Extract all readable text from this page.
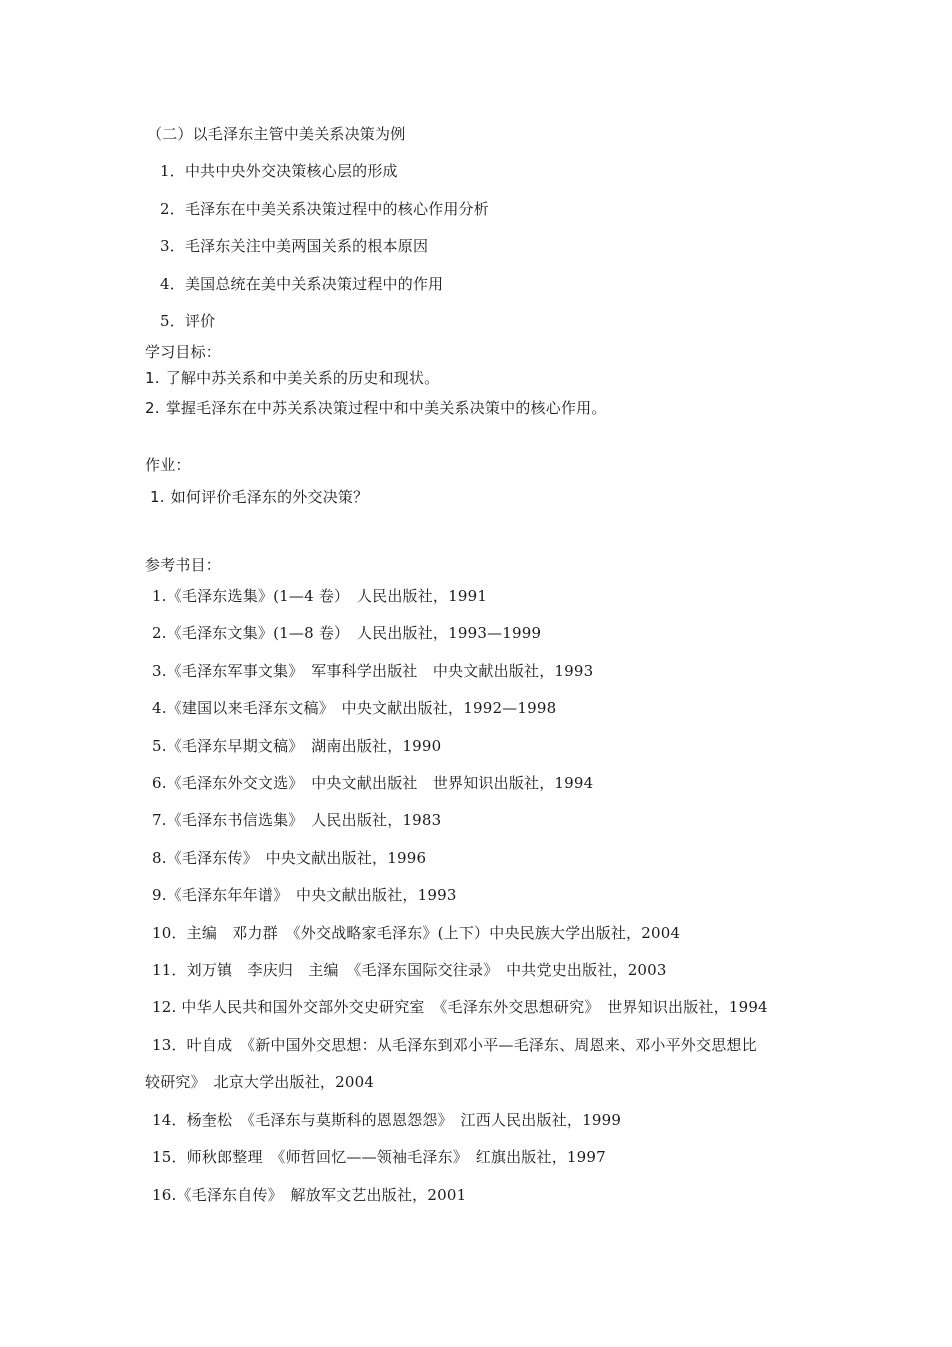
（二）以毛泽东主管中美关系决策为例
1．中共中央外交决策核心层的形成
2．毛泽东在中美关系决策过程中的核心作用分析
3．毛泽东关注中美两国关系的根本原因
4．美国总统在美中关系决策过程中的作用
5．评价
学习目标：
1. 了解中苏关系和中美关系的历史和现状。
2. 掌握毛泽东在中苏关系决策过程中和中美关系决策中的核心作用。
作业：
1. 如何评价毛泽东的外交决策？
参考书目：
1.《毛泽东选集》(1—4 卷）　人民出版社，1991
2.《毛泽东文集》(1—8 卷）　人民出版社，1993—1999
3.《毛泽东军事文集》　军事科学出版社　中央文献出版社，1993
4.《建国以来毛泽东文稿》　中央文献出版社，1992—1998
5.《毛泽东早期文稿》　湖南出版社，1990
6.《毛泽东外交文选》　中央文献出版社　世界知识出版社，1994
7.《毛泽东书信选集》　人民出版社，1983
8.《毛泽东传》　中央文献出版社，1996
9.《毛泽东年年谱》　中央文献出版社，1993
10．主编　邓力群　《外交战略家毛泽东》(上下）中央民族大学出版社，2004
11．刘万镇　李庆归　主编　《毛泽东国际交往录》　中共党史出版社，2003
12. 中华人民共和国外交部外交史研究室　《毛泽东外交思想研究》　世界知识出版社，1994
13．叶自成　《新中国外交思想：从毛泽东到邓小平—毛泽东、周恩来、邓小平外交思想比
较研究》　北京大学出版社，2004
14．杨奎松　《毛泽东与莫斯科的恩恩怨怨》　江西人民出版社，1999
15．师秋郎整理　《师哲回忆——领袖毛泽东》　红旗出版社，1997
16.《毛泽东自传》　解放军文艺出版社，2001
